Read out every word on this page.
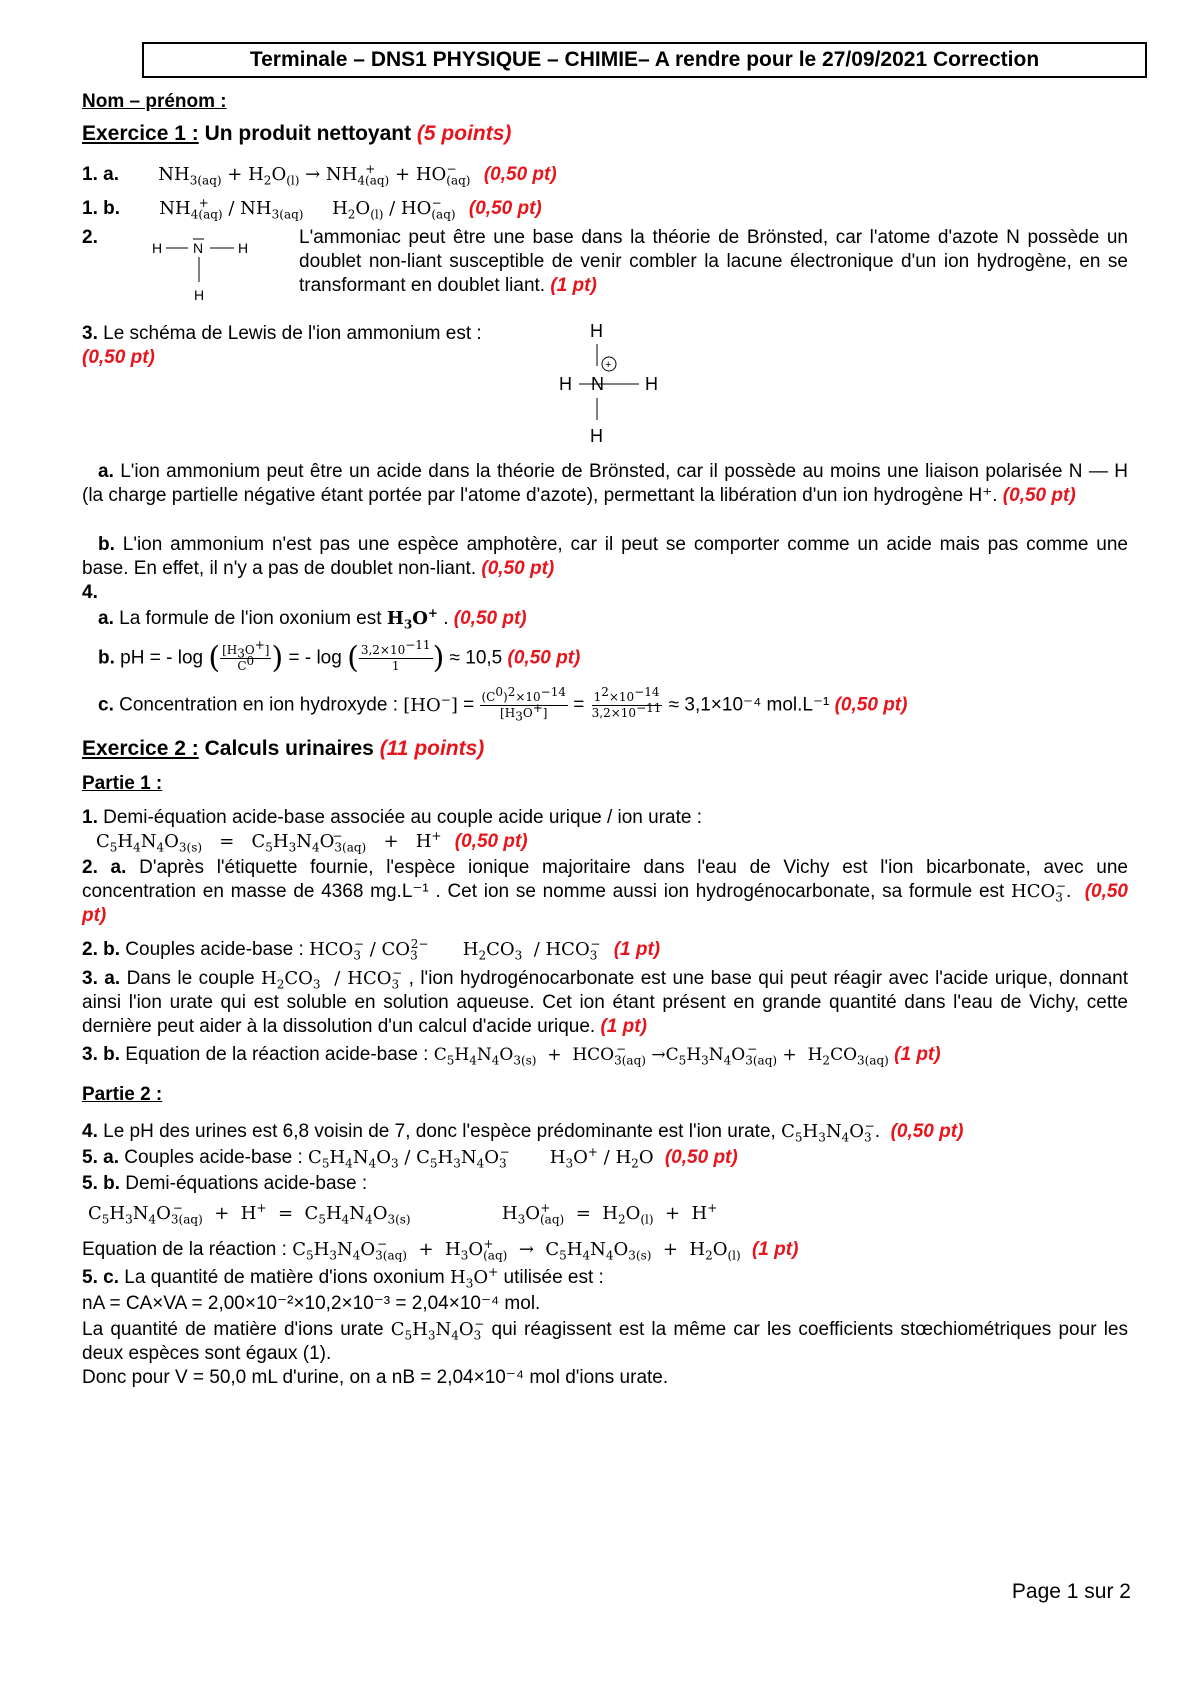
Terminale – DNS1 PHYSIQUE – CHIMIE– A rendre pour le 27/09/2021 Correction
Nom – prénom :
Exercice 1 : Un produit nettoyant (5 points)
1. a. $NH_{3(aq)} + H_2O_{(l)} \to NH_{4(aq)}^+ + HO_{(aq)}^-$ (0,50 pt)
1. b. $NH_{4(aq)}^+ / NH_{3(aq)}$     $H_2O_{(l)} / HO_{(aq)}^-$ (0,50 pt)
2.	H N H
H
L'ammoniac peut être une base dans la théorie de Brönsted, car l'atome d'azote N possède un doublet non-liant susceptible de venir combler la lacune électronique d'un ion hydrogène, en se transformant en doublet liant. (1 pt)
3. Le schéma de Lewis de l'ion ammonium est :
(0,50 pt)
H
+
H N H
H
a. L'ion ammonium peut être un acide dans la théorie de Brönsted, car il possède au moins une liaison polarisée N — H (la charge partielle négative étant portée par l'atome d'azote), permettant la libération d'un ion hydrogène H⁺. (0,50 pt)
b. L'ion ammonium n'est pas une espèce amphotère, car il peut se comporter comme un acide mais pas comme une base. En effet, il n'y a pas de doublet non-liant. (0,50 pt)
4.
a. La formule de l'ion oxonium est $H_3O^+$ . (0,50 pt)
b. pH = - log ( $\frac{[H_3O^+]}{C^0}$ ) = - log ( $\frac{3,2\times 10^{-11}}{1}$ ) ≈ 10,5 (0,50 pt)
c. Concentration en ion hydroxyde : $[HO^-] = \frac{(C^0)^2\times 10^{-14}}{[H_3O^+]} = \frac{1^2\times 10^{-14}}{3,2\times 10^{-11}} \approx 3,1\times 10^{-4}$ mol.L⁻¹ (0,50 pt)
Exercice 2 : Calculs urinaires (11 points)
Partie 1 :
1. Demi-équation acide-base associée au couple acide urique / ion urate :
$C_5H_4N_4O_{3(s)} = C_5H_3N_4O_{3(aq)}^- + H^+$ (0,50 pt)
2. a. D'après l'étiquette fournie, l'espèce ionique majoritaire dans l'eau de Vichy est l'ion bicarbonate, avec une concentration en masse de 4368 mg.L⁻¹ . Cet ion se nomme aussi ion hydrogénocarbonate, sa formule est $HCO_3^-$.  (0,50 pt)
2. b. Couples acide-base : $HCO_3^- / CO_3^{2-}$      $H_2CO_3 / HCO_3^-$ (1 pt)
3. a. Dans le couple $H_2CO_3 / HCO_3^-$ , l'ion hydrogénocarbonate est une base qui peut réagir avec l'acide urique, donnant ainsi l'ion urate qui est soluble en solution aqueuse. Cet ion étant présent en grande quantité dans l'eau de Vichy, cette dernière peut aider à la dissolution d'un calcul d'acide urique. (1 pt)
3. b. Equation de la réaction acide-base : $C_5H_4N_4O_{3(s)} + HCO_{3(aq)}^- \to C_5H_3N_4O_{3(aq)}^- + H_2CO_{3(aq)}$ (1 pt)
Partie 2 :
4. Le pH des urines est 6,8 voisin de 7, donc l'espèce prédominante est l'ion urate, $C_5H_3N_4O_3^-$.  (0,50 pt)
5. a. Couples acide-base : $C_5H_4N_4O_3 / C_5H_3N_4O_3^-$       $H_3O^+ / H_2O$ (0,50 pt)
5. b. Demi-équations acide-base :
$C_5H_3N_4O_{3(aq)}^- + H^+ = C_5H_4N_4O_{3(s)}$	$H_3O_{(aq)}^+ = H_2O_{(l)} + H^+$
Equation de la réaction : $C_5H_3N_4O_{3(aq)}^- + H_3O_{(aq)}^+ \to C_5H_4N_4O_{3(s)} + H_2O_{(l)}$ (1 pt)
5. c. La quantité de matière d'ions oxonium $H_3O^+$ utilisée est :
nA = CA×VA = 2,00×10⁻²×10,2×10⁻³ = 2,04×10⁻⁴ mol.
La quantité de matière d'ions urate $C_5H_3N_4O_3^-$ qui réagissent est la même car les coefficients stœchiométriques pour les deux espèces sont égaux (1).
Donc pour V = 50,0 mL d'urine, on a nB = 2,04×10⁻⁴ mol d'ions urate.
Page 1 sur 2
